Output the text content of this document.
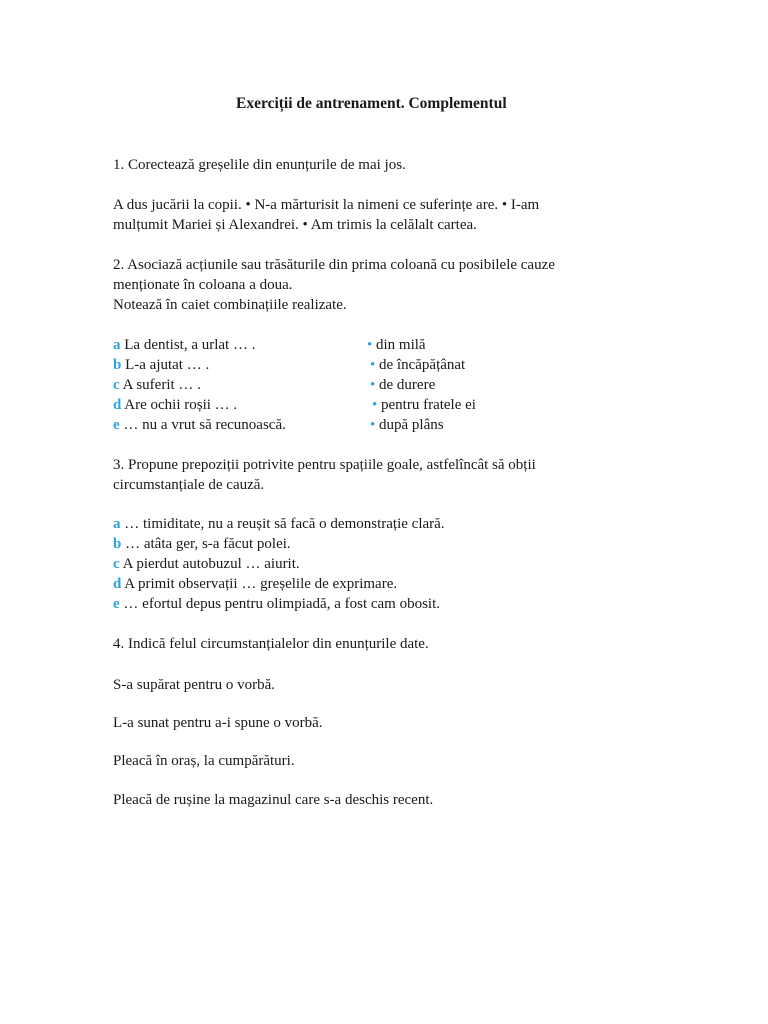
Exerciții de antrenament. Complementul
1. Corectează greșelile din enunțurile de mai jos.
A dus jucării la copii. • N-a mărturisit la nimeni ce suferințe are. • I-am
mulțumit Mariei și Alexandrei. • Am trimis la celălalt cartea.
2. Asociază acțiunile sau trăsăturile din prima coloană cu posibilele cauze
menționate în coloana a doua.
Notează în caiet combinațiile realizate.
a La dentist, a urlat … .
b L-a ajutat … .
c A suferit … .
d Are ochii roșii … .
e … nu a vrut să recunoască.
• din milă
• de încăpățânat
• de durere
• pentru fratele ei
• după plâns
3. Propune prepoziții potrivite pentru spațiile goale, astfelîncât să obții
circumstanțiale de cauză.
a … timiditate, nu a reușit să facă o demonstrație clară.
b … atâta ger, s-a făcut polei.
c A pierdut autobuzul … aiurit.
d A primit observații … greșelile de exprimare.
e … efortul depus pentru olimpiadă, a fost cam obosit.
4. Indică felul circumstanțialelor din enunțurile date.
S-a supărat pentru o vorbă.
L-a sunat pentru a-i spune o vorbă.
Pleacă în oraș, la cumpărături.
Pleacă de rușine la magazinul care s-a deschis recent.
